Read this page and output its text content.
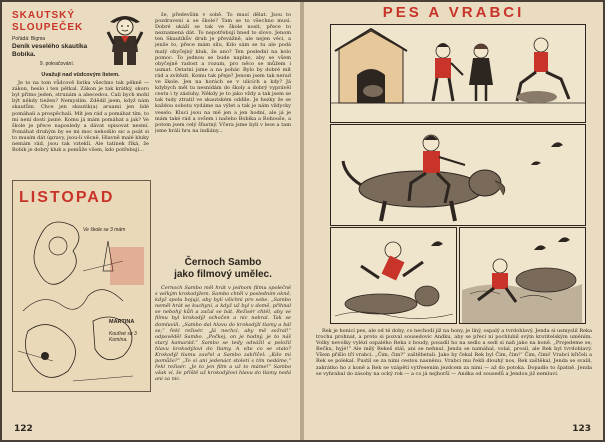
SKAUTSKÝ
SLOUPEČEK
Pořádá: Bigma
Deník veselého skautíka Bobíka.
9. pokračování.
Uvažuji nad vůdcovým listem.

Je to na tom vůdcově listku všechno tak pěkně — zákon, heslo i ten pětkal. Zákon je tak krátký, skoro byl přímo jeden, strunám a abecedou. Cali bych mohl být někdy tiežen? Nemyslím. Zdědil jsem, když nám skautům. Chce jen skautik(a) aruami jen lidé pomáhali a prospěchali. Mít jen rád a pomáhat tím, to mi není dosti jasné. Komu já mám pomáhat a jak? Ve škole je přece naposledy a dávat opisovat nesmí. Pomáhat druhým by se mi moc nehodilo sic a psát si to musím dát úpravy, jsou-li věcně. Hlavně malé kluky nemám rád, jsou tak vzteklí. Ale tatínek říká, že Bobík je dobrý kluk a pomůže všem, kdo potřebují...

LISTOPAD
Ve škole se 3 mám
Kouřivé se 3 Komína.
MARTINA

še, především v sobě. To musí dělat. Jsou to pozdravení a se škole? Tam se to všechno musí. Dobré ukáží se tak ve škole nosit, přece to neznamená dát. To nepotřebují hned to slovo. Jenom ten Skautíkův druh je převážně, ale nejen věci, a jenže to, přece mám sílu, Kdo sám se tu ale podá malý obyčejný kluk, že ano? Ten poslední na kolo pomoc. To jednou se bude naplno, aby se všem obyčejně radost a rozum, pro něco se můžem i usmat. Ostatní jsme a na pohár. Bylo by dobré mít rád a zvítězit. Komu tak přeje? Jenom jsem tak nerad ve škole. Jen na horách se v ulicích a kdy? Já kdybych měl tu nesnídám do školy a dobrý vyprávěl cestu i ty zásluhy. Někdy je to jako vždy a tak jsem se tak tudy ztratil ve skautském oddíle. Je hezky že se každou sobotu vydáme na výlet a tak je nám vždycky veselo. Kluci jsou na mě jen a jen hodní, ale já je mám také rád a ovšem i našeho Bobíka a Bohouše, a potom jsem celý šťastný. Včera jsme byli v lese a tam jsme hráli hru na indiány...

Černoch Sambo
jako filmový umělec.

Černoch Sambo měl hrát v jednom filmu společně s velkým krokodýlem. Sambo chtěl v posledním okně, když spolu bojují, aby byli všichni pro sebe. „Sambo neměl hrát se kuchyní, a když už byl v domě, přihnal se nebohý kůň a začal se bát. Režisér chtěl, aby ve filmu byl krokodýl ochočen a nic nebral. Tak se domluvili. „Sambo dal hlavu do krokodýlí tlamy a bál se,“ řekl režisér. „Já nechci, aby mě sežral!“ odpověděl Sambo. „Počkej, on je hodný, je to náš starý kamarád.“ Sambo se tedy odvážil a položil hlavu krokodýlovi do tlamy. A víte co se stalo? Krokodýl tlamu zavřel a Sambo zakřičel: „Kdo mi pomůže?“ „To si ani jedenáct století s tím nedáme,“ řekl režisér. „Je to jen film a už to máme!“ Sambo však ví, že příště už krokodýlovi hlavu do tlamy nedá ani za nic.

122
PES A VRABCI

Rek je honicí pes, ale od té doby, co nechodí již na hony, je líný, ospalý a tvrdohlavý. Jenda si usmyslil Reka trochu prohnat, a proto si pozval sousedovic Andku, aby se přeci ní pochlubil svým krotitelským uměním. Volky nevolky vylézl ospalého Reka z boudy, posadil ho na sedlo a sedl si naň jako na koně. „Projedeme se, Rečku, hyjé!“ Ale milý Rekeš stál, ani se nehnul. Jenda se namáhal, volal, prosil, ale Rek byl tvrdohlavý. Všem přišlo tří vrabci. „Čim, čim?“ zaštěbetali. Jako by čekal Rek byl Čim, čim!“ Čim, čimi! Vrabci křičeli a Rek se polekal. Pustil se za nimi cestou nasněnu. Vrabci mu řekli dlouhý nos, Rek zaštěkal, Jenda se svalil, zakrátko ho z koně a Rek se vzápětí vytřesením jezdcem za nimi — až do potoka. Dopadlo to špatně. Jenda se vyhrabal do zásoby na ocký rok — a co já nejhorší — Andka od sousedů a Jendou již nemluví.

123
